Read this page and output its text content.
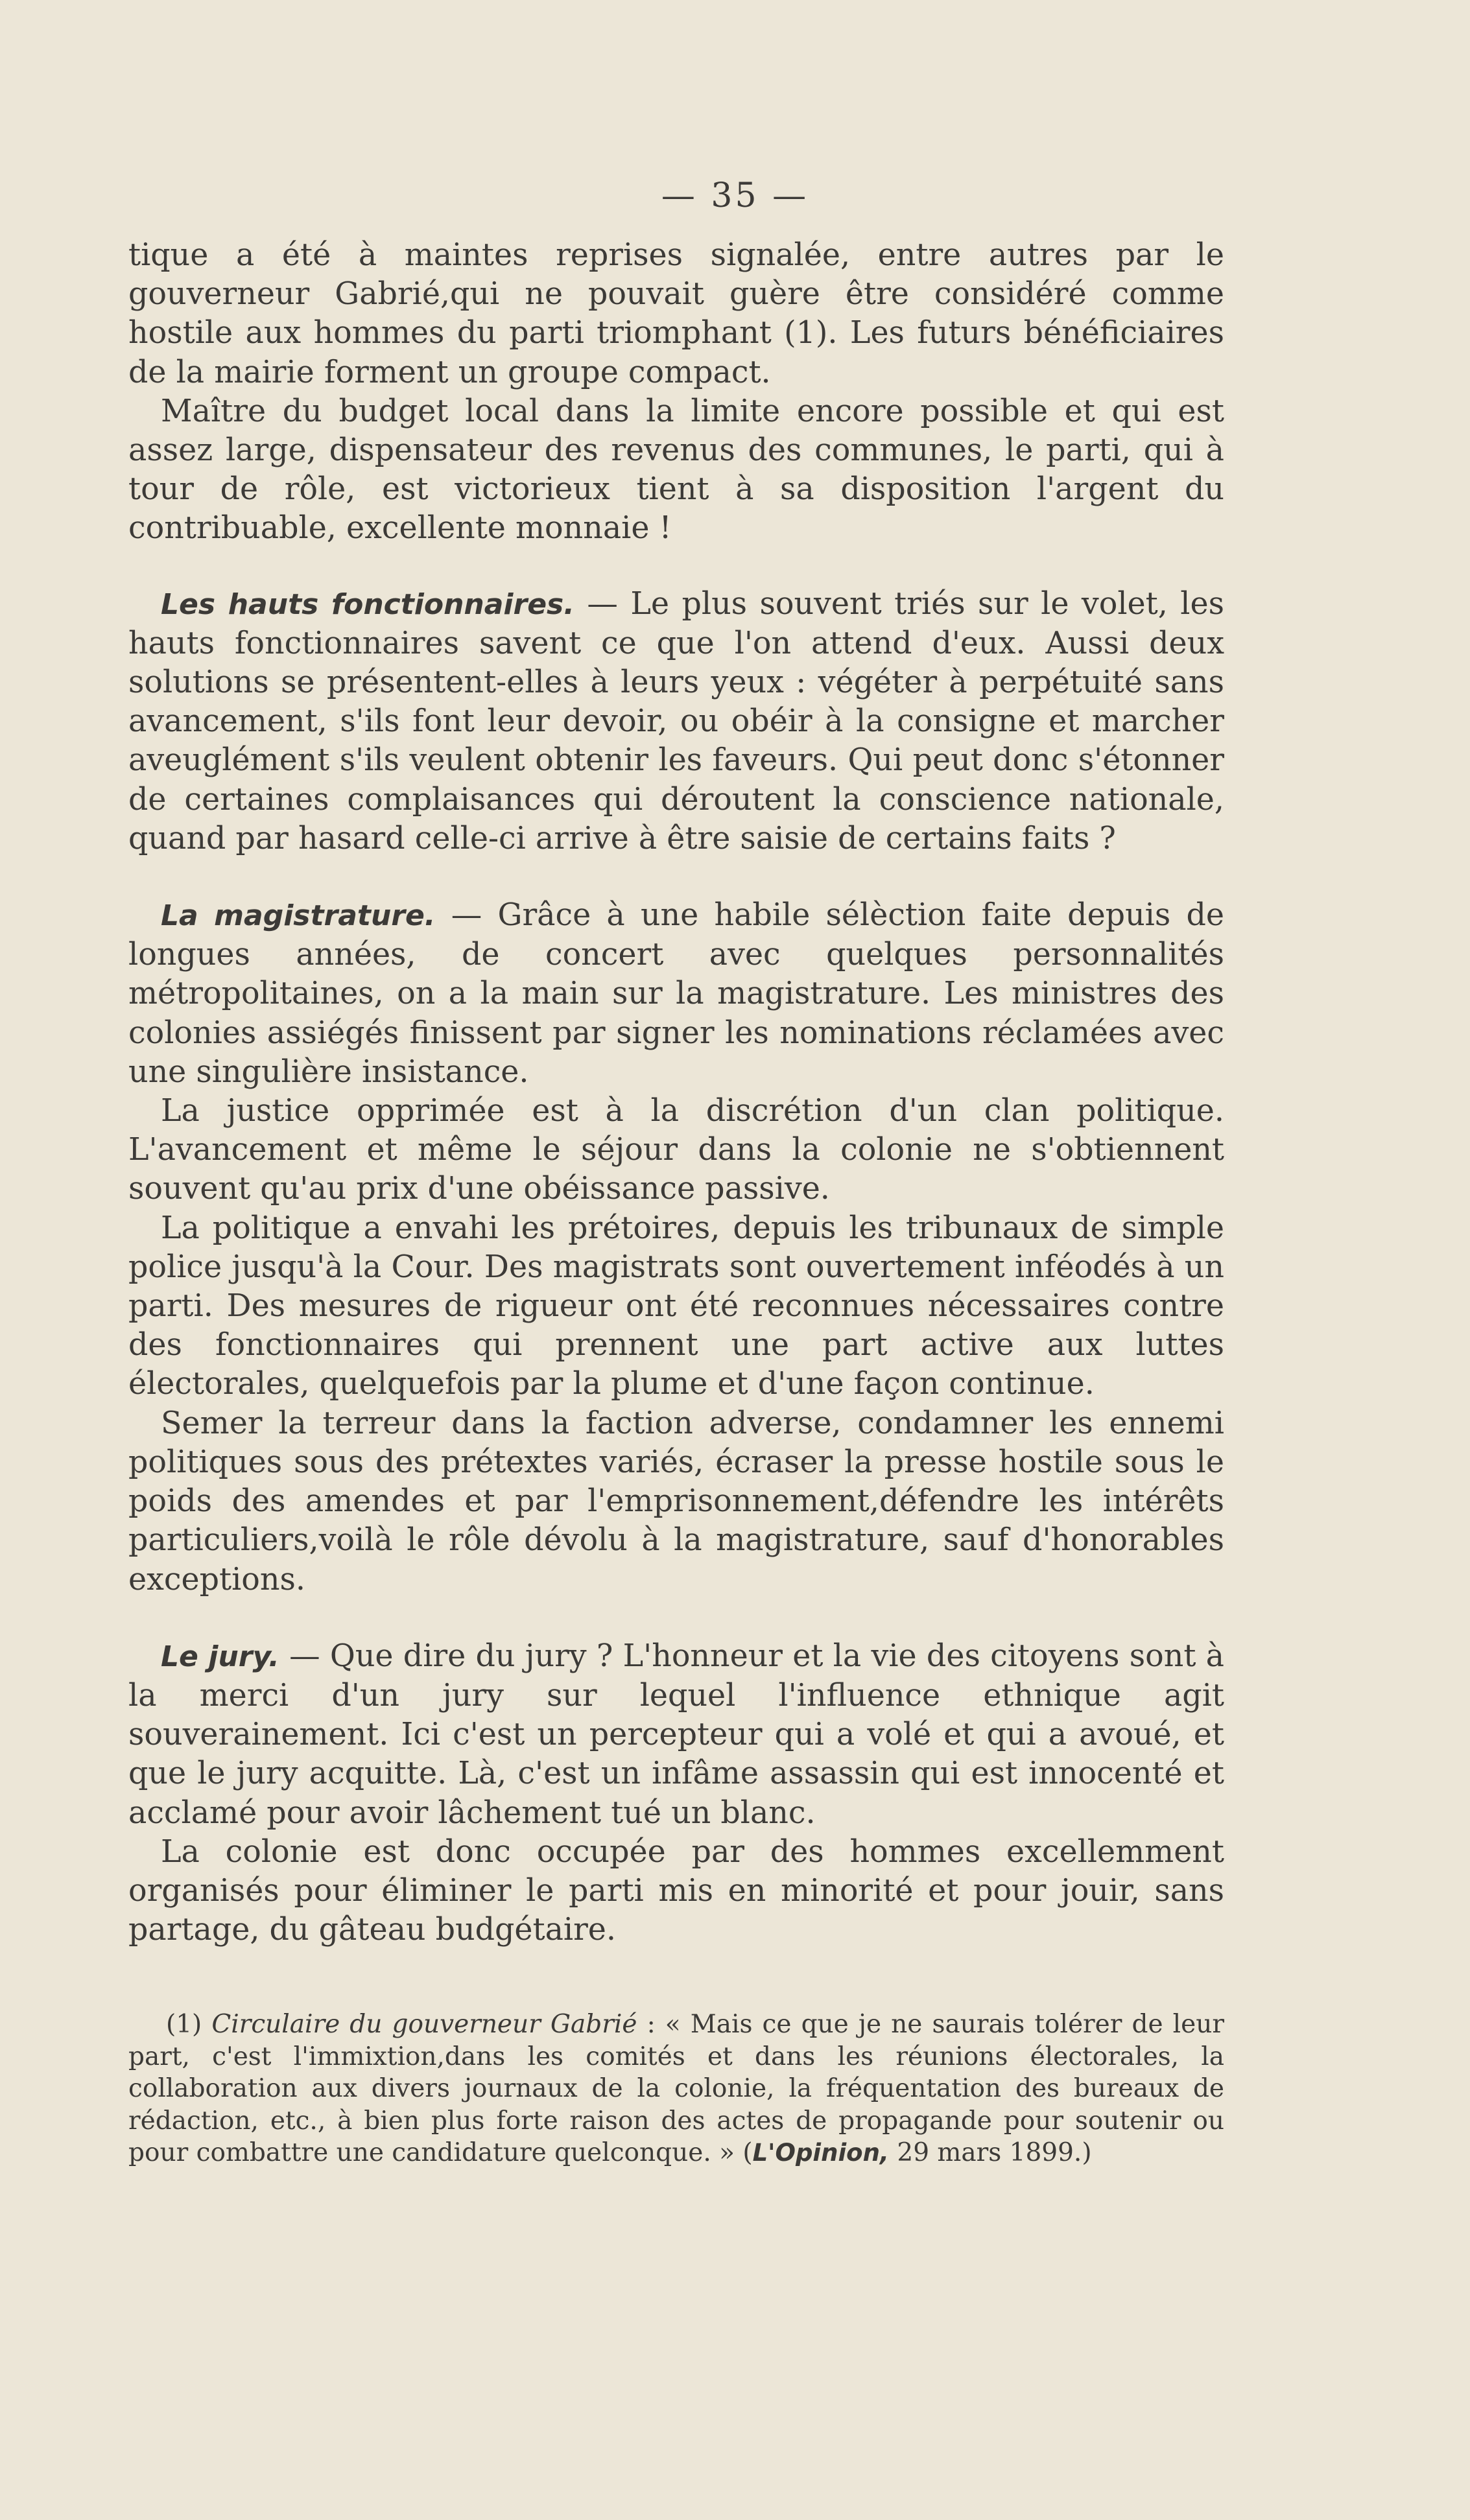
— 35 —

tique a été à maintes reprises signalée, entre autres par le gouverneur Gabrié,qui ne pouvait guère être considéré comme hostile aux hommes du parti triomphant (1). Les futurs bénéficiaires de la mairie forment un groupe compact.

Maître du budget local dans la limite encore possible et qui est assez large, dispensateur des revenus des communes, le parti, qui à tour de rôle, est victorieux tient à sa disposition l'argent du contribuable, excellente monnaie !

Les hauts fonctionnaires. — Le plus souvent triés sur le volet, les hauts fonctionnaires savent ce que l'on attend d'eux. Aussi deux solutions se présentent-elles à leurs yeux : végéter à perpétuité sans avancement, s'ils font leur devoir, ou obéir à la consigne et marcher aveuglément s'ils veulent obtenir les faveurs. Qui peut donc s'étonner de certaines complaisances qui déroutent la conscience nationale, quand par hasard celle-ci arrive à être saisie de certains faits ?

La magistrature. — Grâce à une habile sélèction faite depuis de longues années, de concert avec quelques personnalités métropolitaines, on a la main sur la magistrature. Les ministres des colonies assiégés finissent par signer les nominations réclamées avec une singulière insistance.

La justice opprimée est à la discrétion d'un clan politique. L'avancement et même le séjour dans la colonie ne s'obtiennent souvent qu'au prix d'une obéissance passive.

La politique a envahi les prétoires, depuis les tribunaux de simple police jusqu'à la Cour. Des magistrats sont ouvertement inféodés à un parti. Des mesures de rigueur ont été reconnues nécessaires contre des fonctionnaires qui prennent une part active aux luttes électorales, quelquefois par la plume et d'une façon continue.

Semer la terreur dans la faction adverse, condamner les ennemi politiques sous des prétextes variés, écraser la presse hostile sous le poids des amendes et par l'emprisonnement,défendre les intérêts particuliers,voilà le rôle dévolu à la magistrature, sauf d'honorables exceptions.

Le jury. — Que dire du jury ? L'honneur et la vie des citoyens sont à la merci d'un jury sur lequel l'influence ethnique agit souverainement. Ici c'est un percepteur qui a volé et qui a avoué, et que le jury acquitte. Là, c'est un infâme assassin qui est innocenté et acclamé pour avoir lâchement tué un blanc.

La colonie est donc occupée par des hommes excellemment organisés pour éliminer le parti mis en minorité et pour jouir, sans partage, du gâteau budgétaire.

(1) Circulaire du gouverneur Gabrié : « Mais ce que je ne saurais tolérer de leur part, c'est l'immixtion,dans les comités et dans les réunions électorales, la collaboration aux divers journaux de la colonie, la fréquentation des bureaux de rédaction, etc., à bien plus forte raison des actes de propagande pour soutenir ou pour combattre une candidature quelconque. » (L'Opinion, 29 mars 1899.)
